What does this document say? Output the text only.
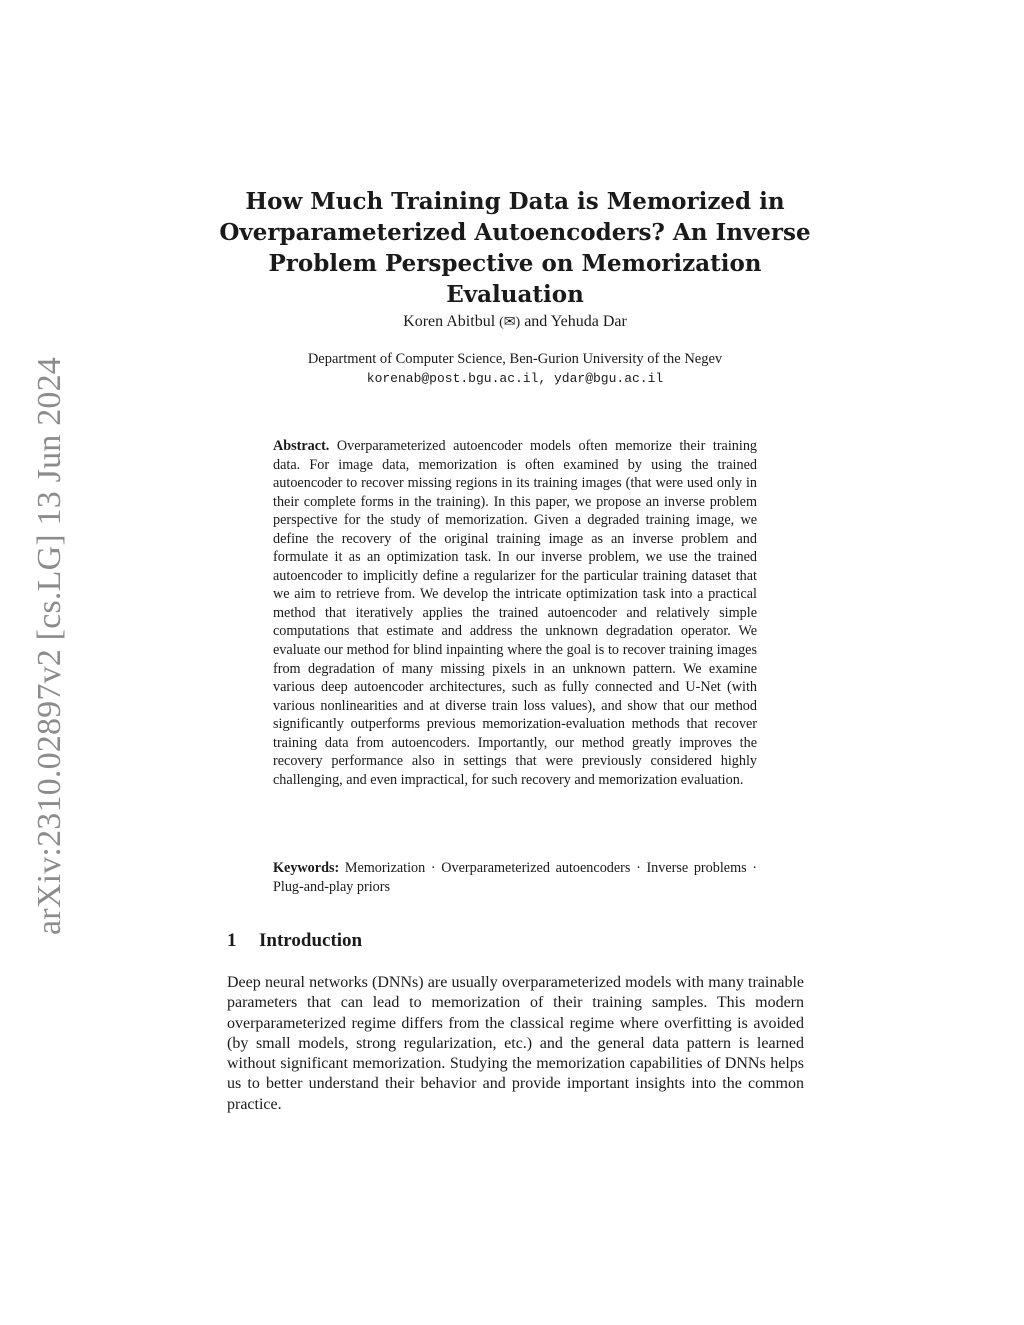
arXiv:2310.02897v2 [cs.LG] 13 Jun 2024
How Much Training Data is Memorized in
Overparameterized Autoencoders? An Inverse
Problem Perspective on Memorization Evaluation
Koren Abitbul (✉) and Yehuda Dar
Department of Computer Science, Ben-Gurion University of the Negev
korenab@post.bgu.ac.il, ydar@bgu.ac.il

Abstract. Overparameterized autoencoder models often memorize their training data. For image data, memorization is often examined by using the trained autoencoder to recover missing regions in its training images (that were used only in their complete forms in the training). In this paper, we propose an inverse problem perspective for the study of memorization. Given a degraded training image, we define the recovery of the original training image as an inverse problem and formulate it as an optimization task. In our inverse problem, we use the trained autoencoder to implicitly define a regularizer for the particular training dataset that we aim to retrieve from. We develop the intricate optimization task into a practical method that iteratively applies the trained autoencoder and relatively simple computations that estimate and address the unknown degradation operator. We evaluate our method for blind inpainting where the goal is to recover training images from degradation of many missing pixels in an unknown pattern. We examine various deep autoencoder architectures, such as fully connected and U-Net (with various nonlinearities and at diverse train loss values), and show that our method significantly outperforms previous memorization-evaluation methods that recover training data from autoencoders. Importantly, our method greatly improves the recovery performance also in settings that were previously considered highly challenging, and even impractical, for such recovery and memorization evaluation.

Keywords: Memorization · Overparameterized autoencoders · Inverse problems · Plug-and-play priors

1 Introduction

Deep neural networks (DNNs) are usually overparameterized models with many trainable parameters that can lead to memorization of their training samples. This modern overparameterized regime differs from the classical regime where overfitting is avoided (by small models, strong regularization, etc.) and the general data pattern is learned without significant memorization. Studying the memorization capabilities of DNNs helps us to better understand their behavior and provide important insights into the common practice.
